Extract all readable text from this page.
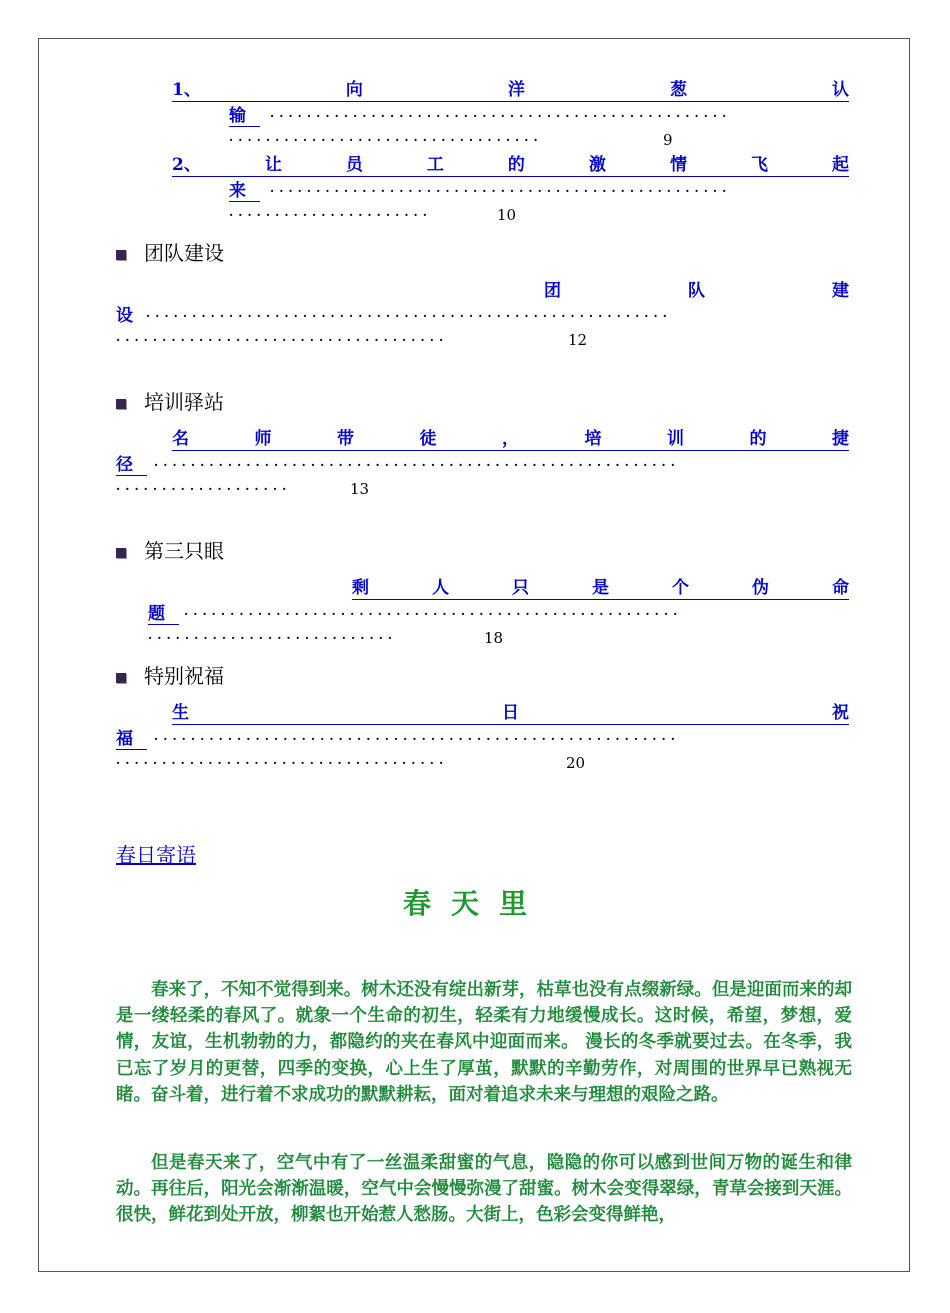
1、	向	洋	葱	认
输	··················································
··································	9
2、	让	员	工	的	激	情	飞	起
来	··················································
······················	10
团队建设
团	队	建
设 ·························································
····································	12
培训驿站
名	师	带	徒	，	培	训	的	捷
径	·························································
···················	13
第三只眼
剩	人	只	是	个	伪	命
题	······················································
···························	18
特别祝福
生	日	祝
福	·························································
····································	20
春日寄语
春天里
春来了，不知不觉得到来。树木还没有绽出新芽，枯草也没有点缀新绿。但是迎面而来的却是一缕轻柔的春风了。就象一个生命的初生，轻柔有力地缓慢成长。这时候，希望，梦想，爱情，友谊，生机勃勃的力，都隐约的夹在春风中迎面而来。 漫长的冬季就要过去。在冬季，我已忘了岁月的更替，四季的变换，心上生了厚茧，默默的辛勤劳作，对周围的世界早已熟视无睹。奋斗着，进行着不求成功的默默耕耘，面对着追求未来与理想的艰险之路。
但是春天来了，空气中有了一丝温柔甜蜜的气息，隐隐的你可以感到世间万物的诞生和律动。再往后，阳光会渐渐温暖，空气中会慢慢弥漫了甜蜜。树木会变得翠绿，青草会接到天涯。很快，鲜花到处开放，柳絮也开始惹人愁肠。大街上，色彩会变得鲜艳，
